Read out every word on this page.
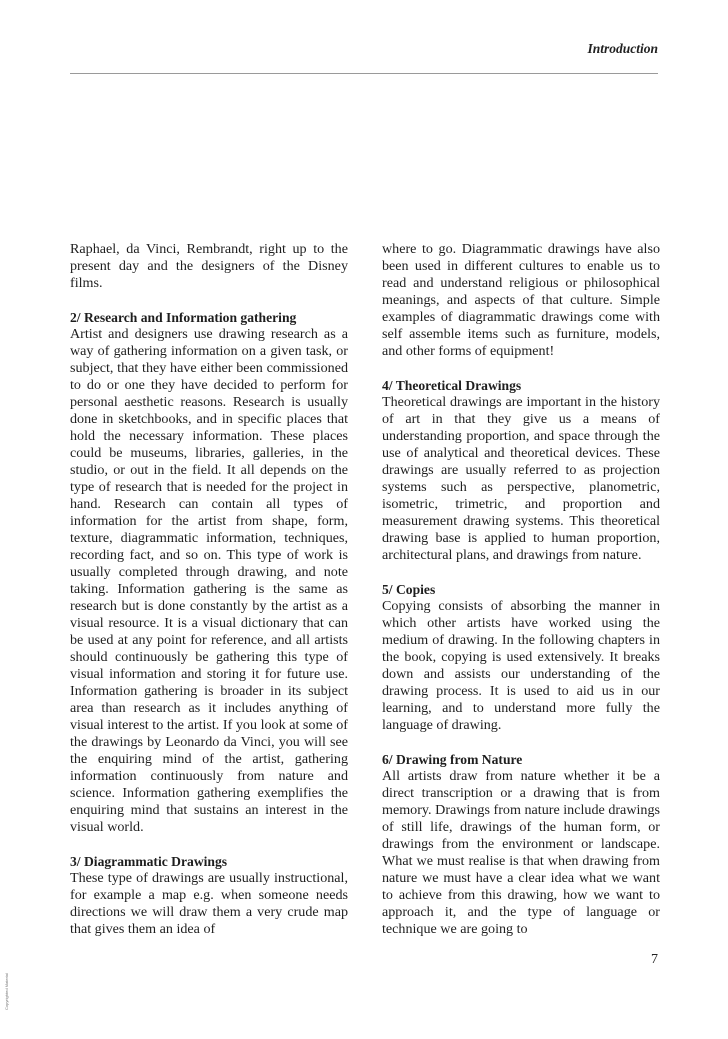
Introduction

Raphael, da Vinci, Rembrandt, right up to the present day and the designers of the Disney films.

2/ Research and Information gathering

Artist and designers use drawing research as a way of gathering information on a given task, or subject, that they have either been commissioned to do or one they have decided to perform for personal aesthetic reasons. Research is usually done in sketchbooks, and in specific places that hold the necessary information. These places could be museums, libraries, galleries, in the studio, or out in the field. It all depends on the type of research that is needed for the project in hand. Research can contain all types of information for the artist from shape, form, texture, diagrammatic information, techniques, recording fact, and so on. This type of work is usually completed through drawing, and note taking. Information gathering is the same as research but is done constantly by the artist as a visual resource. It is a visual dictionary that can be used at any point for reference, and all artists should continuously be gathering this type of visual information and storing it for future use. Information gathering is broader in its subject area than research as it includes anything of visual interest to the artist. If you look at some of the drawings by Leonardo da Vinci, you will see the enquiring mind of the artist, gathering information continuously from nature and science. Information gathering exemplifies the enquiring mind that sustains an interest in the visual world.

3/ Diagrammatic Drawings

These type of drawings are usually instructional, for example a map e.g. when someone needs directions we will draw them a very crude map that gives them an idea of

where to go. Diagrammatic drawings have also been used in different cultures to enable us to read and understand religious or philosophical meanings, and aspects of that culture. Simple examples of diagrammatic drawings come with self assemble items such as furniture, models, and other forms of equipment!

4/ Theoretical Drawings

Theoretical drawings are important in the history of art in that they give us a means of understanding proportion, and space through the use of analytical and theoretical devices. These drawings are usually referred to as projection systems such as perspective, planometric, isometric, trimetric, and proportion and measurement drawing systems. This theoretical drawing base is applied to human proportion, architectural plans, and drawings from nature.

5/ Copies

Copying consists of absorbing the manner in which other artists have worked using the medium of drawing. In the following chapters in the book, copying is used extensively. It breaks down and assists our understanding of the drawing process. It is used to aid us in our learning, and to understand more fully the language of drawing.

6/ Drawing from Nature

All artists draw from nature whether it be a direct transcription or a drawing that is from memory. Drawings from nature include drawings of still life, drawings of the human form, or drawings from the environment or landscape. What we must realise is that when drawing from nature we must have a clear idea what we want to achieve from this drawing, how we want to approach it, and the type of language or technique we are going to

7
Copyrighted Material
